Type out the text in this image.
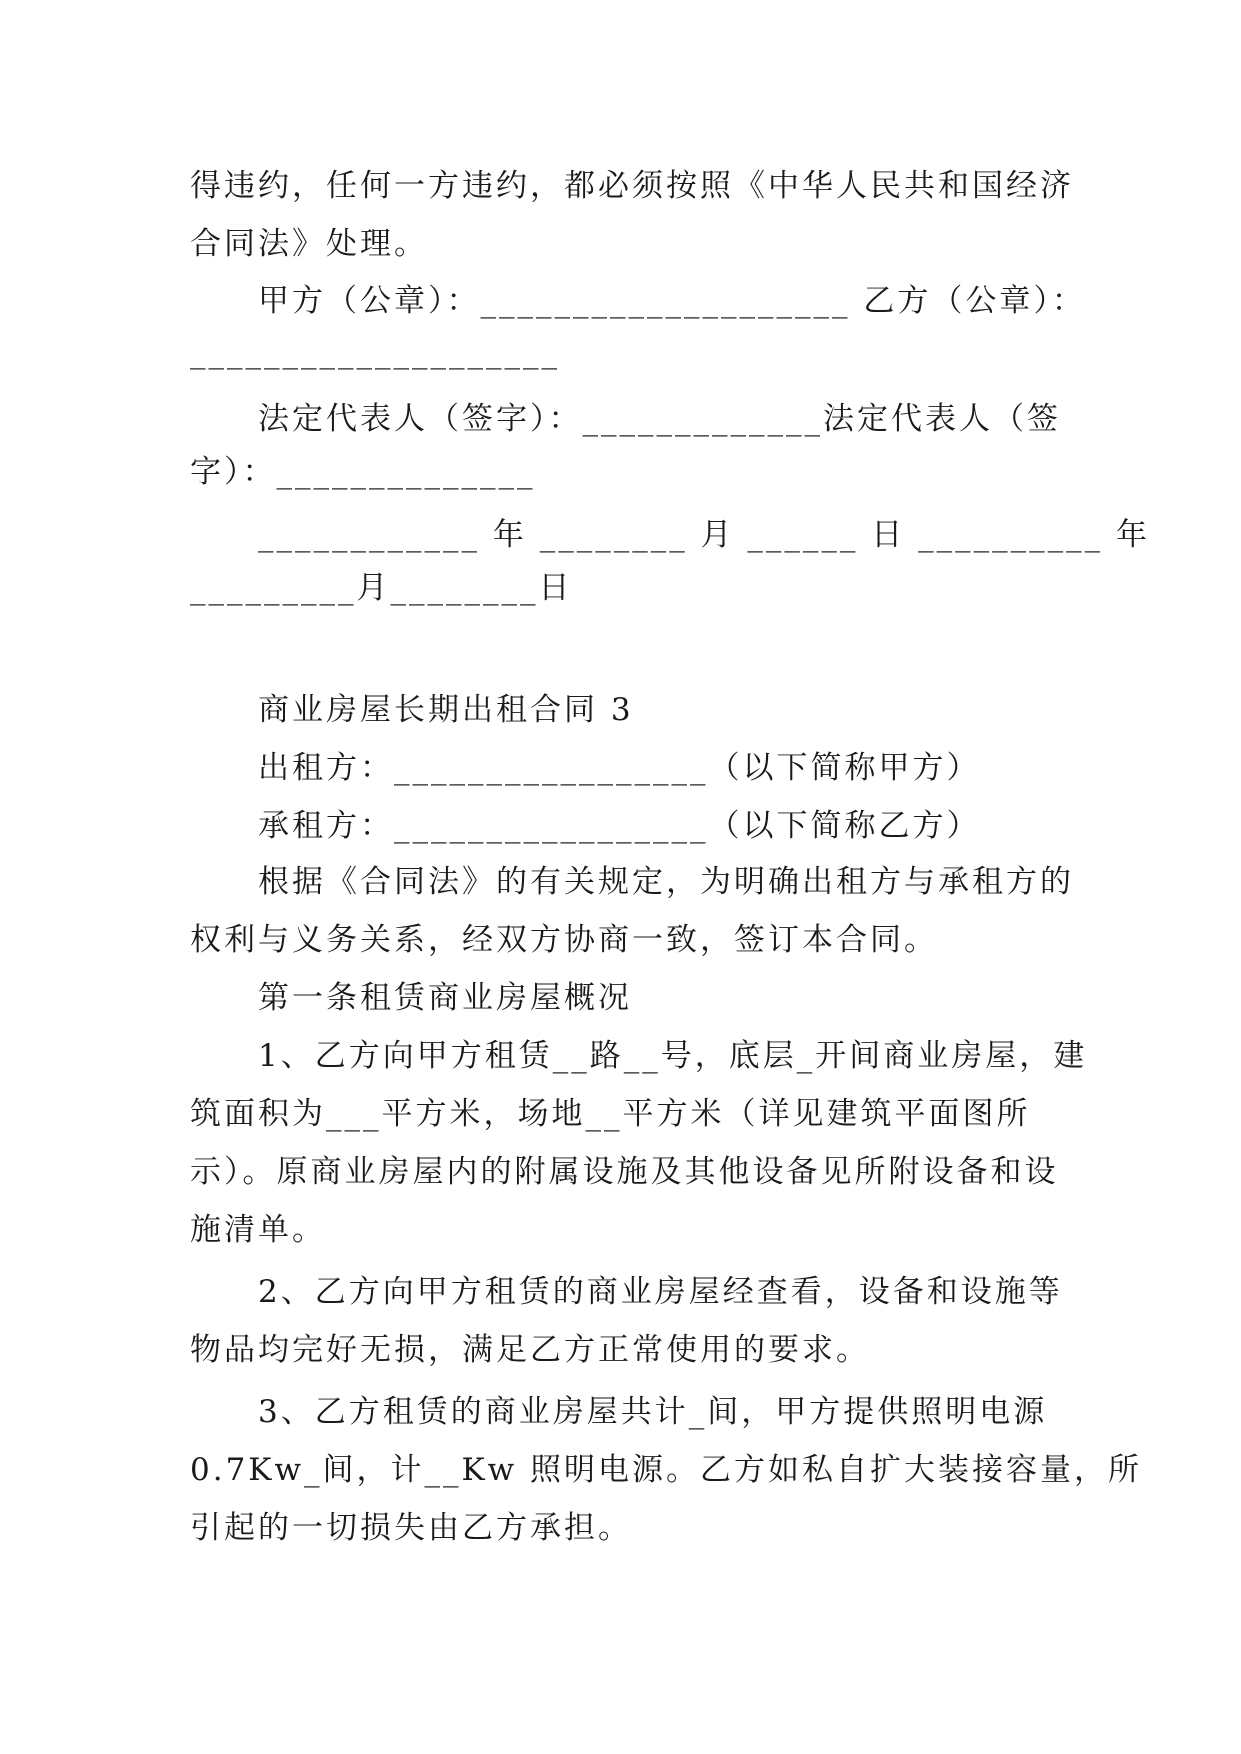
得违约，任何一方违约，都必须按照《中华人民共和国经济
合同法》处理。
甲方（公章）：____________________ 乙方（公章）：
____________________
法定代表人（签字）：_____________法定代表人（签
字）：______________
____________ 年 ________ 月 ______ 日 __________ 年
_________月________日
商业房屋长期出租合同 3
出租方：_________________（以下简称甲方）
承租方：_________________（以下简称乙方）
根据《合同法》的有关规定，为明确出租方与承租方的
权利与义务关系，经双方协商一致，签订本合同。
第一条租赁商业房屋概况
1、乙方向甲方租赁__路__号，底层_开间商业房屋，建
筑面积为___平方米，场地__平方米（详见建筑平面图所
示）。原商业房屋内的附属设施及其他设备见所附设备和设
施清单。
2、乙方向甲方租赁的商业房屋经查看，设备和设施等
物品均完好无损，满足乙方正常使用的要求。
3、乙方租赁的商业房屋共计_间，甲方提供照明电源
0.7Kw_间，计__Kw 照明电源。乙方如私自扩大装接容量，所
引起的一切损失由乙方承担。
